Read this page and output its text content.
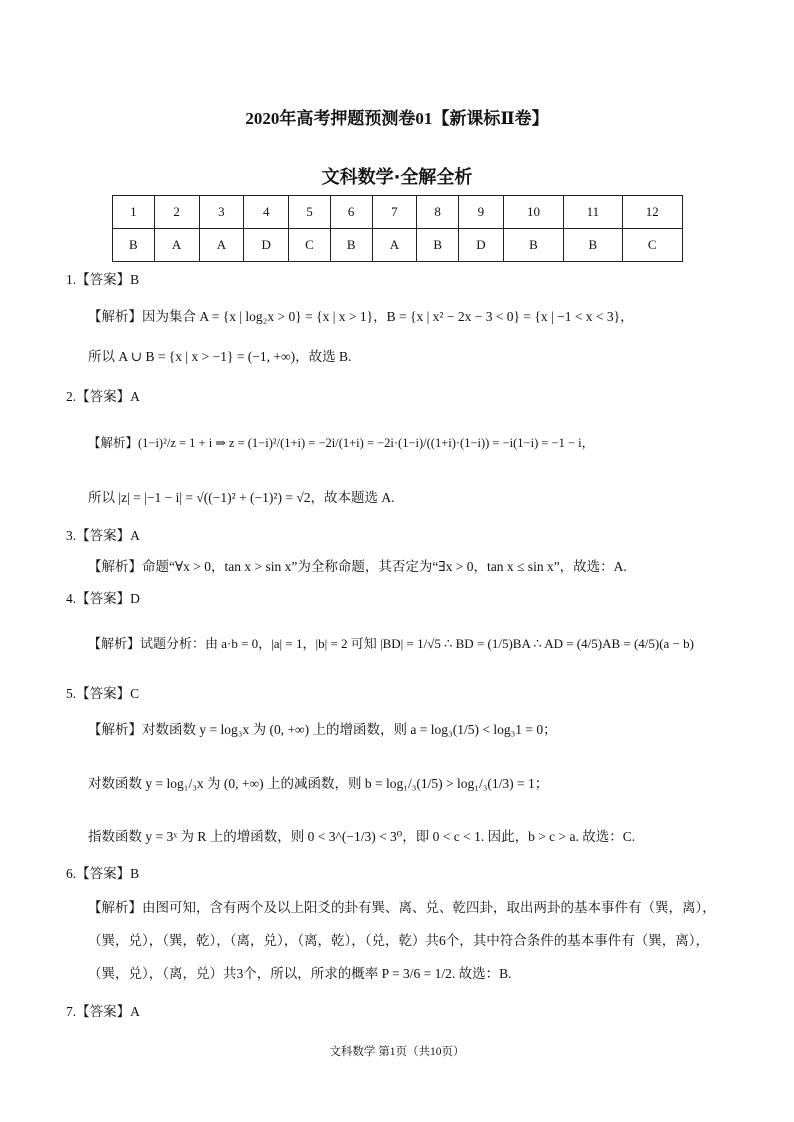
2020年高考押题预测卷01【新课标Ⅱ卷】
文科数学·全解全析
1	2	3	4	5	6	7	8	9	10	11	12
B	A	A	D	C	B	A	B	D	B	B	C
1.【答案】B
【解析】因为集合 A = {x | log₂x > 0} = {x | x > 1}，B = {x | x² − 2x − 3 < 0} = {x | −1 < x < 3}，
所以 A ∪ B = {x | x > −1} = (−1, +∞)，故选 B.
2.【答案】A
【解析】(1−i)²/z = 1 + i ⇒ z = (1−i)²/(1+i) = −2i/(1+i) = −2i·(1−i)/((1+i)·(1−i)) = −i(1−i) = −1 − i，
所以 |z| = |−1 − i| = √((−1)² + (−1)²) = √2，故本题选 A.
3.【答案】A
【解析】命题“∀x > 0，tan x > sin x”为全称命题，其否定为“∃x > 0，tan x ≤ sin x”，故选：A.
4.【答案】D
【解析】试题分析：由 a·b = 0，|a| = 1，|b| = 2 可知 |BD| = 1/√5 ∴ BD = (1/5)BA ∴ AD = (4/5)AB = (4/5)(a − b)
5.【答案】C
【解析】对数函数 y = log₃x 为 (0, +∞) 上的增函数，则 a = log₃(1/5) < log₃1 = 0；
对数函数 y = log₁/₃x 为 (0, +∞) 上的减函数，则 b = log₁/₃(1/5) > log₁/₃(1/3) = 1；
指数函数 y = 3ˣ 为 R 上的增函数，则 0 < 3^(−1/3) < 3⁰，即 0 < c < 1. 因此，b > c > a. 故选：C.
6.【答案】B
【解析】由图可知，含有两个及以上阳爻的卦有巽、离、兑、乾四卦，取出两卦的基本事件有（巽，离），
（巽，兑），（巽，乾），（离，兑），（离，乾），（兑，乾）共6个，其中符合条件的基本事件有（巽，离），
（巽，兑），（离，兑）共3个，所以，所求的概率 P = 3/6 = 1/2. 故选：B.
7.【答案】A
文科数学 第1页（共10页）
